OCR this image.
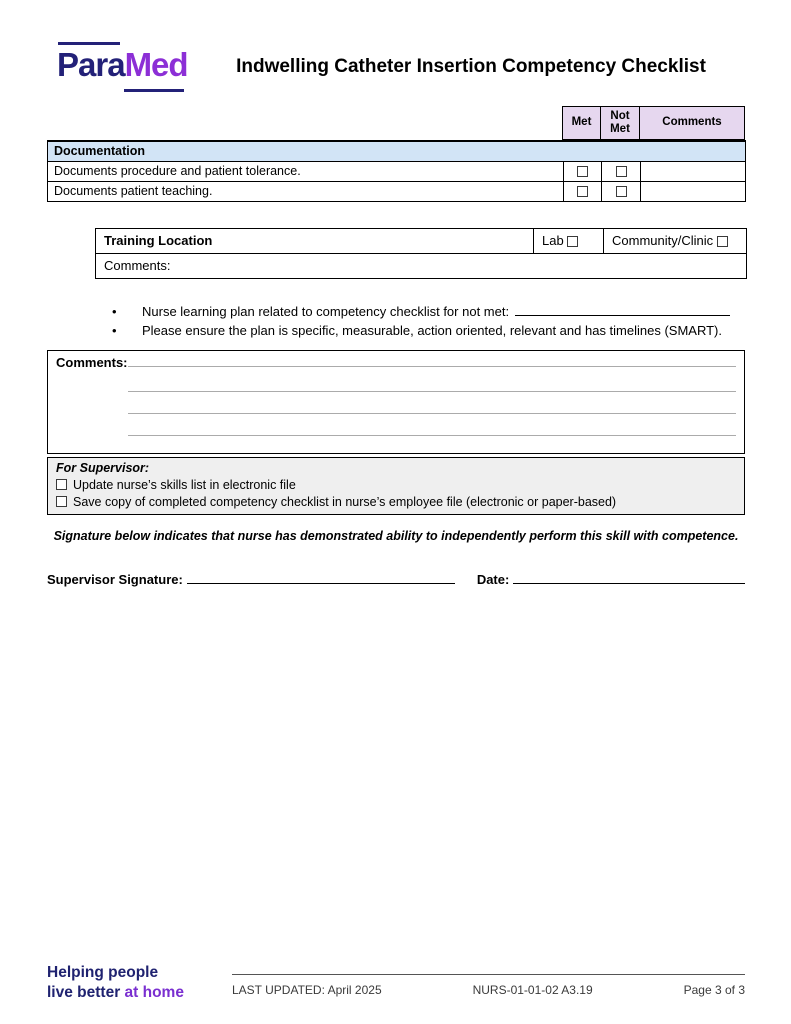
ParaMed	Indwelling Catheter Insertion Competency Checklist
Met	Not Met	Comments
Documentation			
Documents procedure and patient tolerance.			
Documents patient teaching.			
Training Location	Lab	Community/Clinic
Comments:
•	Nurse learning plan related to competency checklist for not met:
•	Please ensure the plan is specific, measurable, action oriented, relevant and has timelines (SMART).
Comments:
For Supervisor:
Update nurse’s skills list in electronic file
Save copy of completed competency checklist in nurse’s employee file (electronic or paper-based)
Signature below indicates that nurse has demonstrated ability to independently perform this skill with competence.
Supervisor Signature:	Date:
Helping people
live better at home	LAST UPDATED: April 2025	NURS-01-01-02 A3.19	Page 3 of 3
